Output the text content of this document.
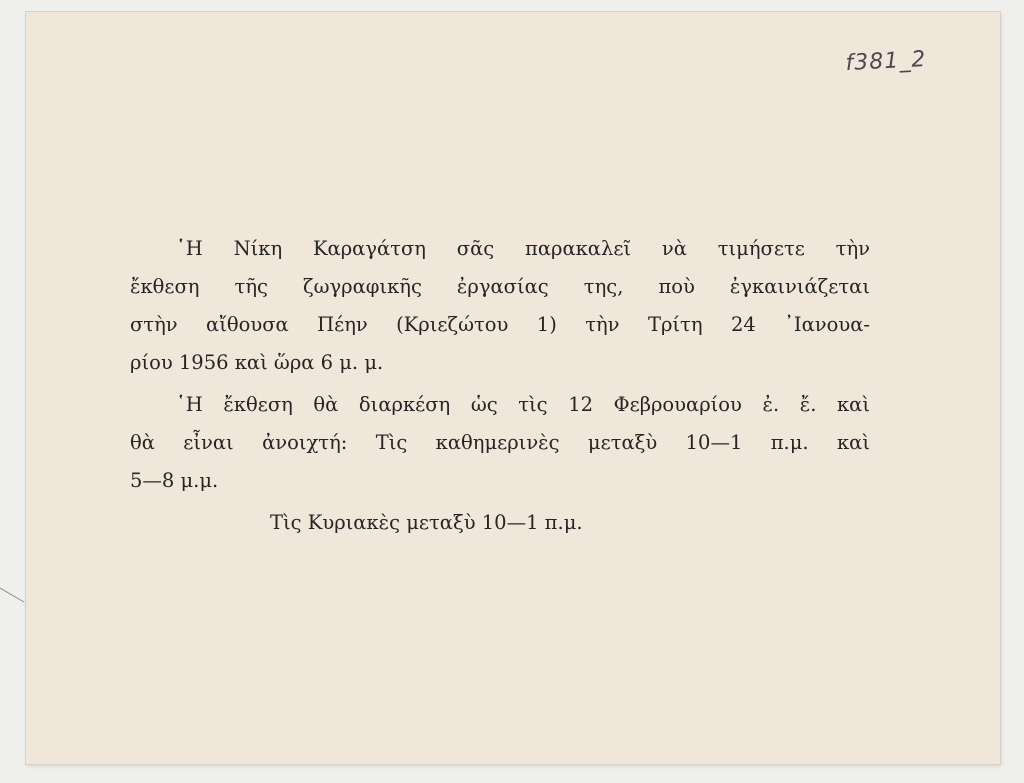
f381_2
῾Η Νίκη Καραγάτση σᾶς παρακαλεῖ νὰ τιμήσετε τὴν
ἔκθεση τῆς ζωγραφικῆς ἐργασίας της, ποὺ ἐγκαινιάζεται
στὴν αἴθουσα Πέην (Κριεζώτου 1) τὴν Τρίτη 24 ᾿Ιανουα-
ρίου 1956 καὶ ὥρα 6 μ. μ.
῾Η ἔκθεση θὰ διαρκέση ὡς τὶς 12 Φεβρουαρίου ἐ. ἔ. καὶ
θὰ εἶναι ἀνοιχτή: Τὶς καθημερινὲς μεταξὺ 10—1 π.μ. καὶ
5—8 μ.μ.
Τὶς Κυριακὲς μεταξὺ 10—1 π.μ.
